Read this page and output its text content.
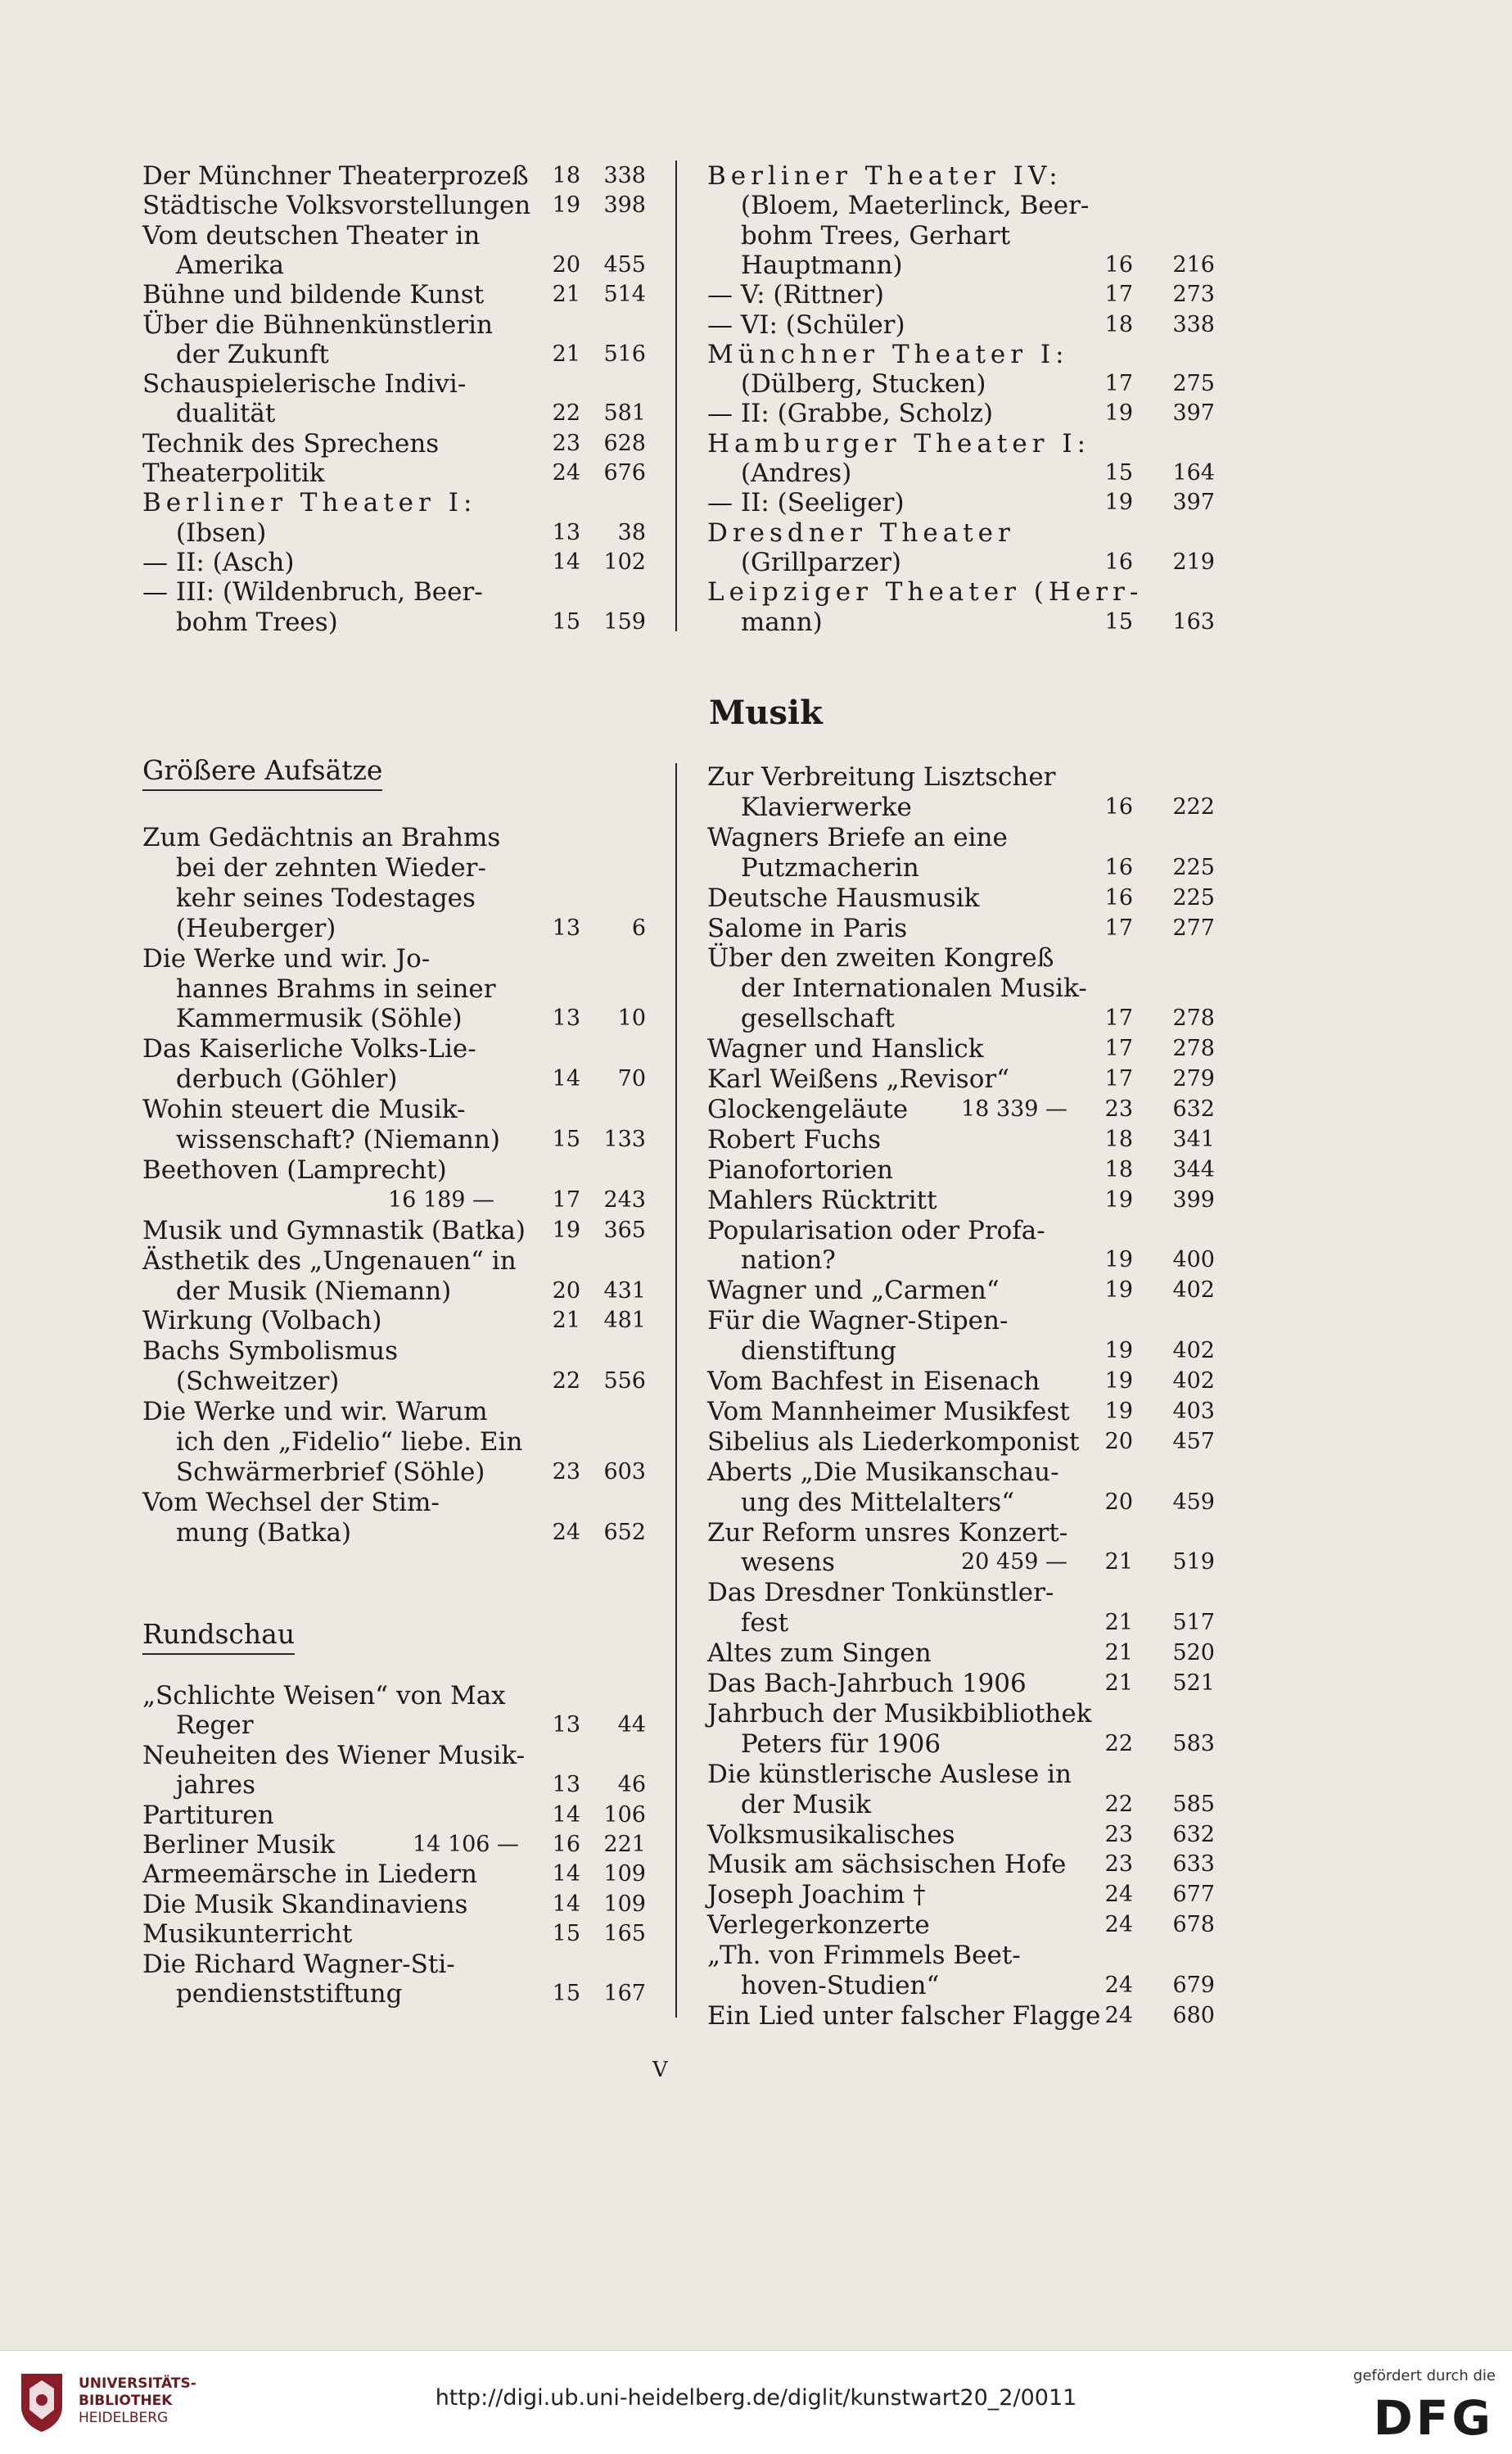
Der Münchner Theaterprozeß	18	338
Städtische Volksvorstellungen 19	398
Vom deutschen Theater in
  Amerika	20	455
Bühne und bildende Kunst	21	514
Über die Bühnenkünstlerin
  der Zukunft	21	516
Schauspielerische Indivi-
  dualität	22	581
Technik des Sprechens	23	628
Theaterpolitik	24	676
Berliner Theater I:
  (Ibsen)	13	38
— II: (Asch)	14	102
— III: (Wildenbruch, Beer-
  bohm Trees)	15	159
Berliner Theater IV:
  (Bloem, Maeterlinck, Beer-
  bohm Trees, Gerhart
  Hauptmann)	16	216
— V: (Rittner)	17	273
— VI: (Schüler)	18	338
Münchner Theater I:
  (Dülberg, Stucken)	17	275
— II: (Grabbe, Scholz)	19	397
Hamburger Theater I:
  (Andres)	15	164
— II: (Seeliger)	19	397
Dresdner Theater
  (Grillparzer)	16	219
Leipziger Theater (Herr-
  mann)	15	163
Musik
Größere Aufsätze
Zum Gedächtnis an Brahms
  bei der zehnten Wieder-
  kehr seines Todestages
  (Heuberger)	13	6
Die Werke und wir. Jo-
  hannes Brahms in seiner
  Kammermusik (Söhle)	13	10
Das Kaiserliche Volks-Lie-
  derbuch (Göhler)	14	70
Wohin steuert die Musik-
  wissenschaft? (Niemann)	15	133
Beethoven (Lamprecht)
16 189 —	17	243
Musik und Gymnastik (Batka)	19	365
Ästhetik des „Ungenauen“ in
  der Musik (Niemann)	20	431
Wirkung (Volbach)	21	481
Bachs Symbolismus
  (Schweitzer)	22	556
Die Werke und wir. Warum
  ich den „Fidelio“ liebe. Ein
  Schwärmerbrief (Söhle)	23	603
Vom Wechsel der Stim-
  mung (Batka)	24	652
Rundschau
„Schlichte Weisen“ von Max
  Reger	13	44
Neuheiten des Wiener Musik-
  jahres	13	46
Partituren	14	106
Berliner Musik	14 106 —	16	221
Armeemärsche in Liedern	14	109
Die Musik Skandinaviens	14	109
Musikunterricht	15	165
Die Richard Wagner-Sti-
  pendienststiftung	15	167
Zur Verbreitung Lisztscher
  Klavierwerke	16	222
Wagners Briefe an eine
  Putzmacherin	16	225
Deutsche Hausmusik	16	225
Salome in Paris	17	277
Über den zweiten Kongreß
  der Internationalen Musik-
  gesellschaft	17	278
Wagner und Hanslick	17	278
Karl Weißens „Revisor“	17	279
Glockengeläute 18 339 —	23	632
Robert Fuchs	18	341
Pianofortorien	18	344
Mahlers Rücktritt	19	399
Popularisation oder Profa-
  nation?	19	400
Wagner und „Carmen“	19	402
Für die Wagner-Stipen-
  dienstiftung	19	402
Vom Bachfest in Eisenach	19	402
Vom Mannheimer Musikfest	19	403
Sibelius als Liederkomponist	20	457
Aberts „Die Musikanschau-
  ung des Mittelalters“	20	459
Zur Reform unsres Konzert-
  wesens	20 459 —	21	519
Das Dresdner Tonkünstler-
  fest	21	517
Altes zum Singen	21	520
Das Bach-Jahrbuch 1906	21	521
Jahrbuch der Musikbibliothek
  Peters für 1906	22	583
Die künstlerische Auslese in
  der Musik	22	585
Volksmusikalisches	23	632
Musik am sächsischen Hofe	23	633
Joseph Joachim †	24	677
Verlegerkonzerte	24	678
„Th. von Frimmels Beet-
  hoven-Studien“	24	679
Ein Lied unter falscher Flagge 24	680
V
UNIVERSITÄTS-
BIBLIOTHEK
HEIDELBERG
http://digi.ub.uni-heidelberg.de/diglit/kunstwart20_2/0011
gefördert durch die
DFG
